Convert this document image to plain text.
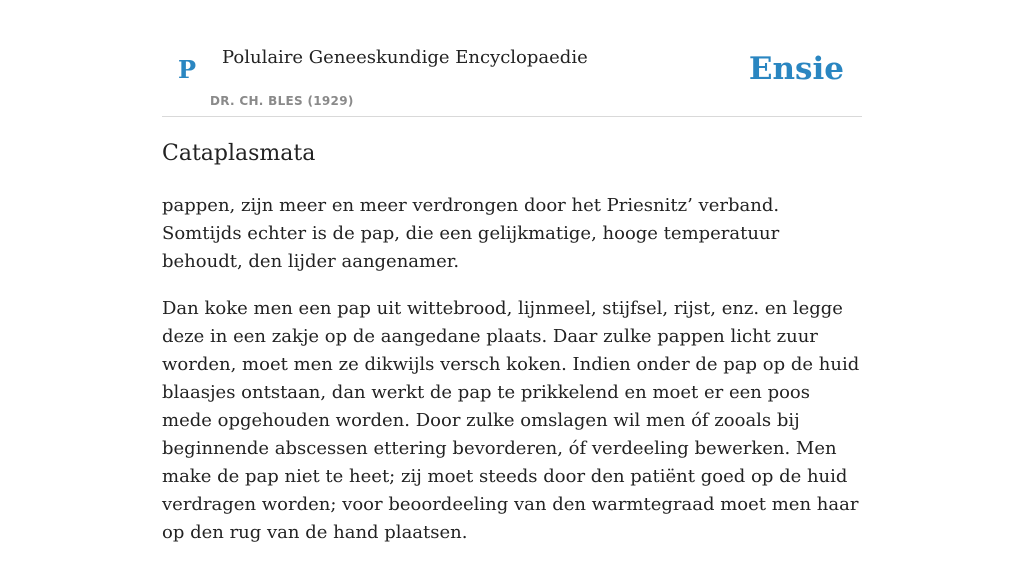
P Polulaire Geneeskundige Encyclopaedie
DR. CH. BLES (1929)
Ensie
Cataplasmata

pappen, zijn meer en meer verdrongen door het Priesnitz’ verband. Somtijds echter is de pap, die een gelijkmatige, hooge temperatuur behoudt, den lijder aangenamer.

Dan koke men een pap uit wittebrood, lijnmeel, stijfsel, rijst, enz. en legge deze in een zakje op de aangedane plaats. Daar zulke pappen licht zuur worden, moet men ze dikwijls versch koken. Indien onder de pap op de huid blaasjes ontstaan, dan werkt de pap te prikkelend en moet er een poos mede opgehouden worden. Door zulke omslagen wil men óf zooals bij beginnende abscessen ettering bevorderen, óf verdeeling bewerken. Men make de pap niet te heet; zij moet steeds door den patiënt goed op de huid verdragen worden; voor beoordeeling van den warmtegraad moet men haar op den rug van de hand plaatsen.
